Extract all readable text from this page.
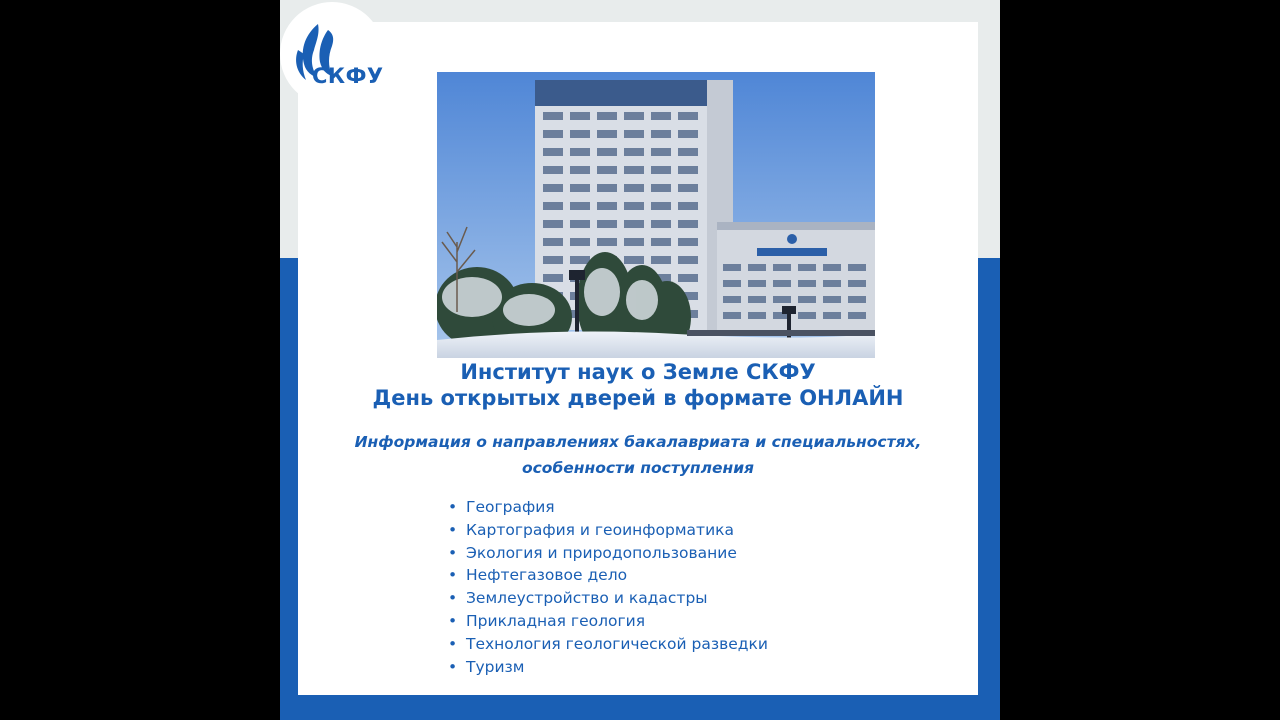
СКФУ
Институт наук о Земле СКФУ
День открытых дверей в формате ОНЛАЙН
Информация о направлениях бакалавриата и специальностях,
особенности поступления
• География
• Картография и геоинформатика
• Экология и природопользование
• Нефтегазовое дело
• Землеустройство и кадастры
• Прикладная геология
• Технология геологической разведки
• Туризм
